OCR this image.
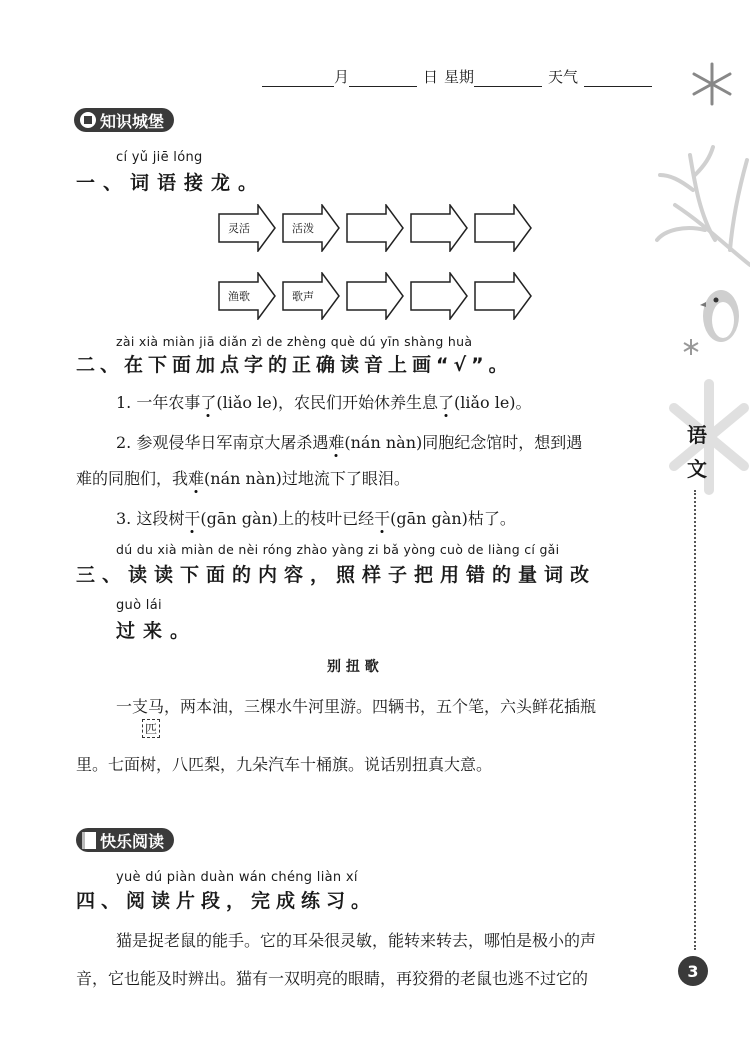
月	日 星期	天气
语文
知识城堡
cí yǔ jiē lóng
一、词语接龙。
灵活	活泼
渔歌	歌声
zài xià miàn jiā diǎn zì de zhèng què dú yīn shàng huà
二、在下面加点字的正确读音上画“√”。
1. 一年农事了(liǎo le)，农民们开始休养生息了(liǎo le)。
2. 参观侵华日军南京大屠杀遇难(nán nàn)同胞纪念馆时，想到遇
难的同胞们，我难(nán nàn)过地流下了眼泪。
3. 这段树干(gān gàn)上的枝叶已经干(gān gàn)枯了。
dú du xià miàn de nèi róng zhào yàng zi bǎ yòng cuò de liàng cí gǎi
三、读读下面的内容，照样子把用错的量词改
guò lái
过来。
别 扭 歌
一支马，两本油，三棵水牛河里游。四辆书，五个笔，六头鲜花插瓶
匹
里。七面树，八匹梨，九朵汽车十桶旗。说话别扭真大意。
快乐阅读
yuè dú piàn duàn wán chéng liàn xí
四、阅读片段，完成练习。
猫是捉老鼠的能手。它的耳朵很灵敏，能转来转去，哪怕是极小的声
音，它也能及时辨出。猫有一双明亮的眼睛，再狡猾的老鼠也逃不过它的	3
